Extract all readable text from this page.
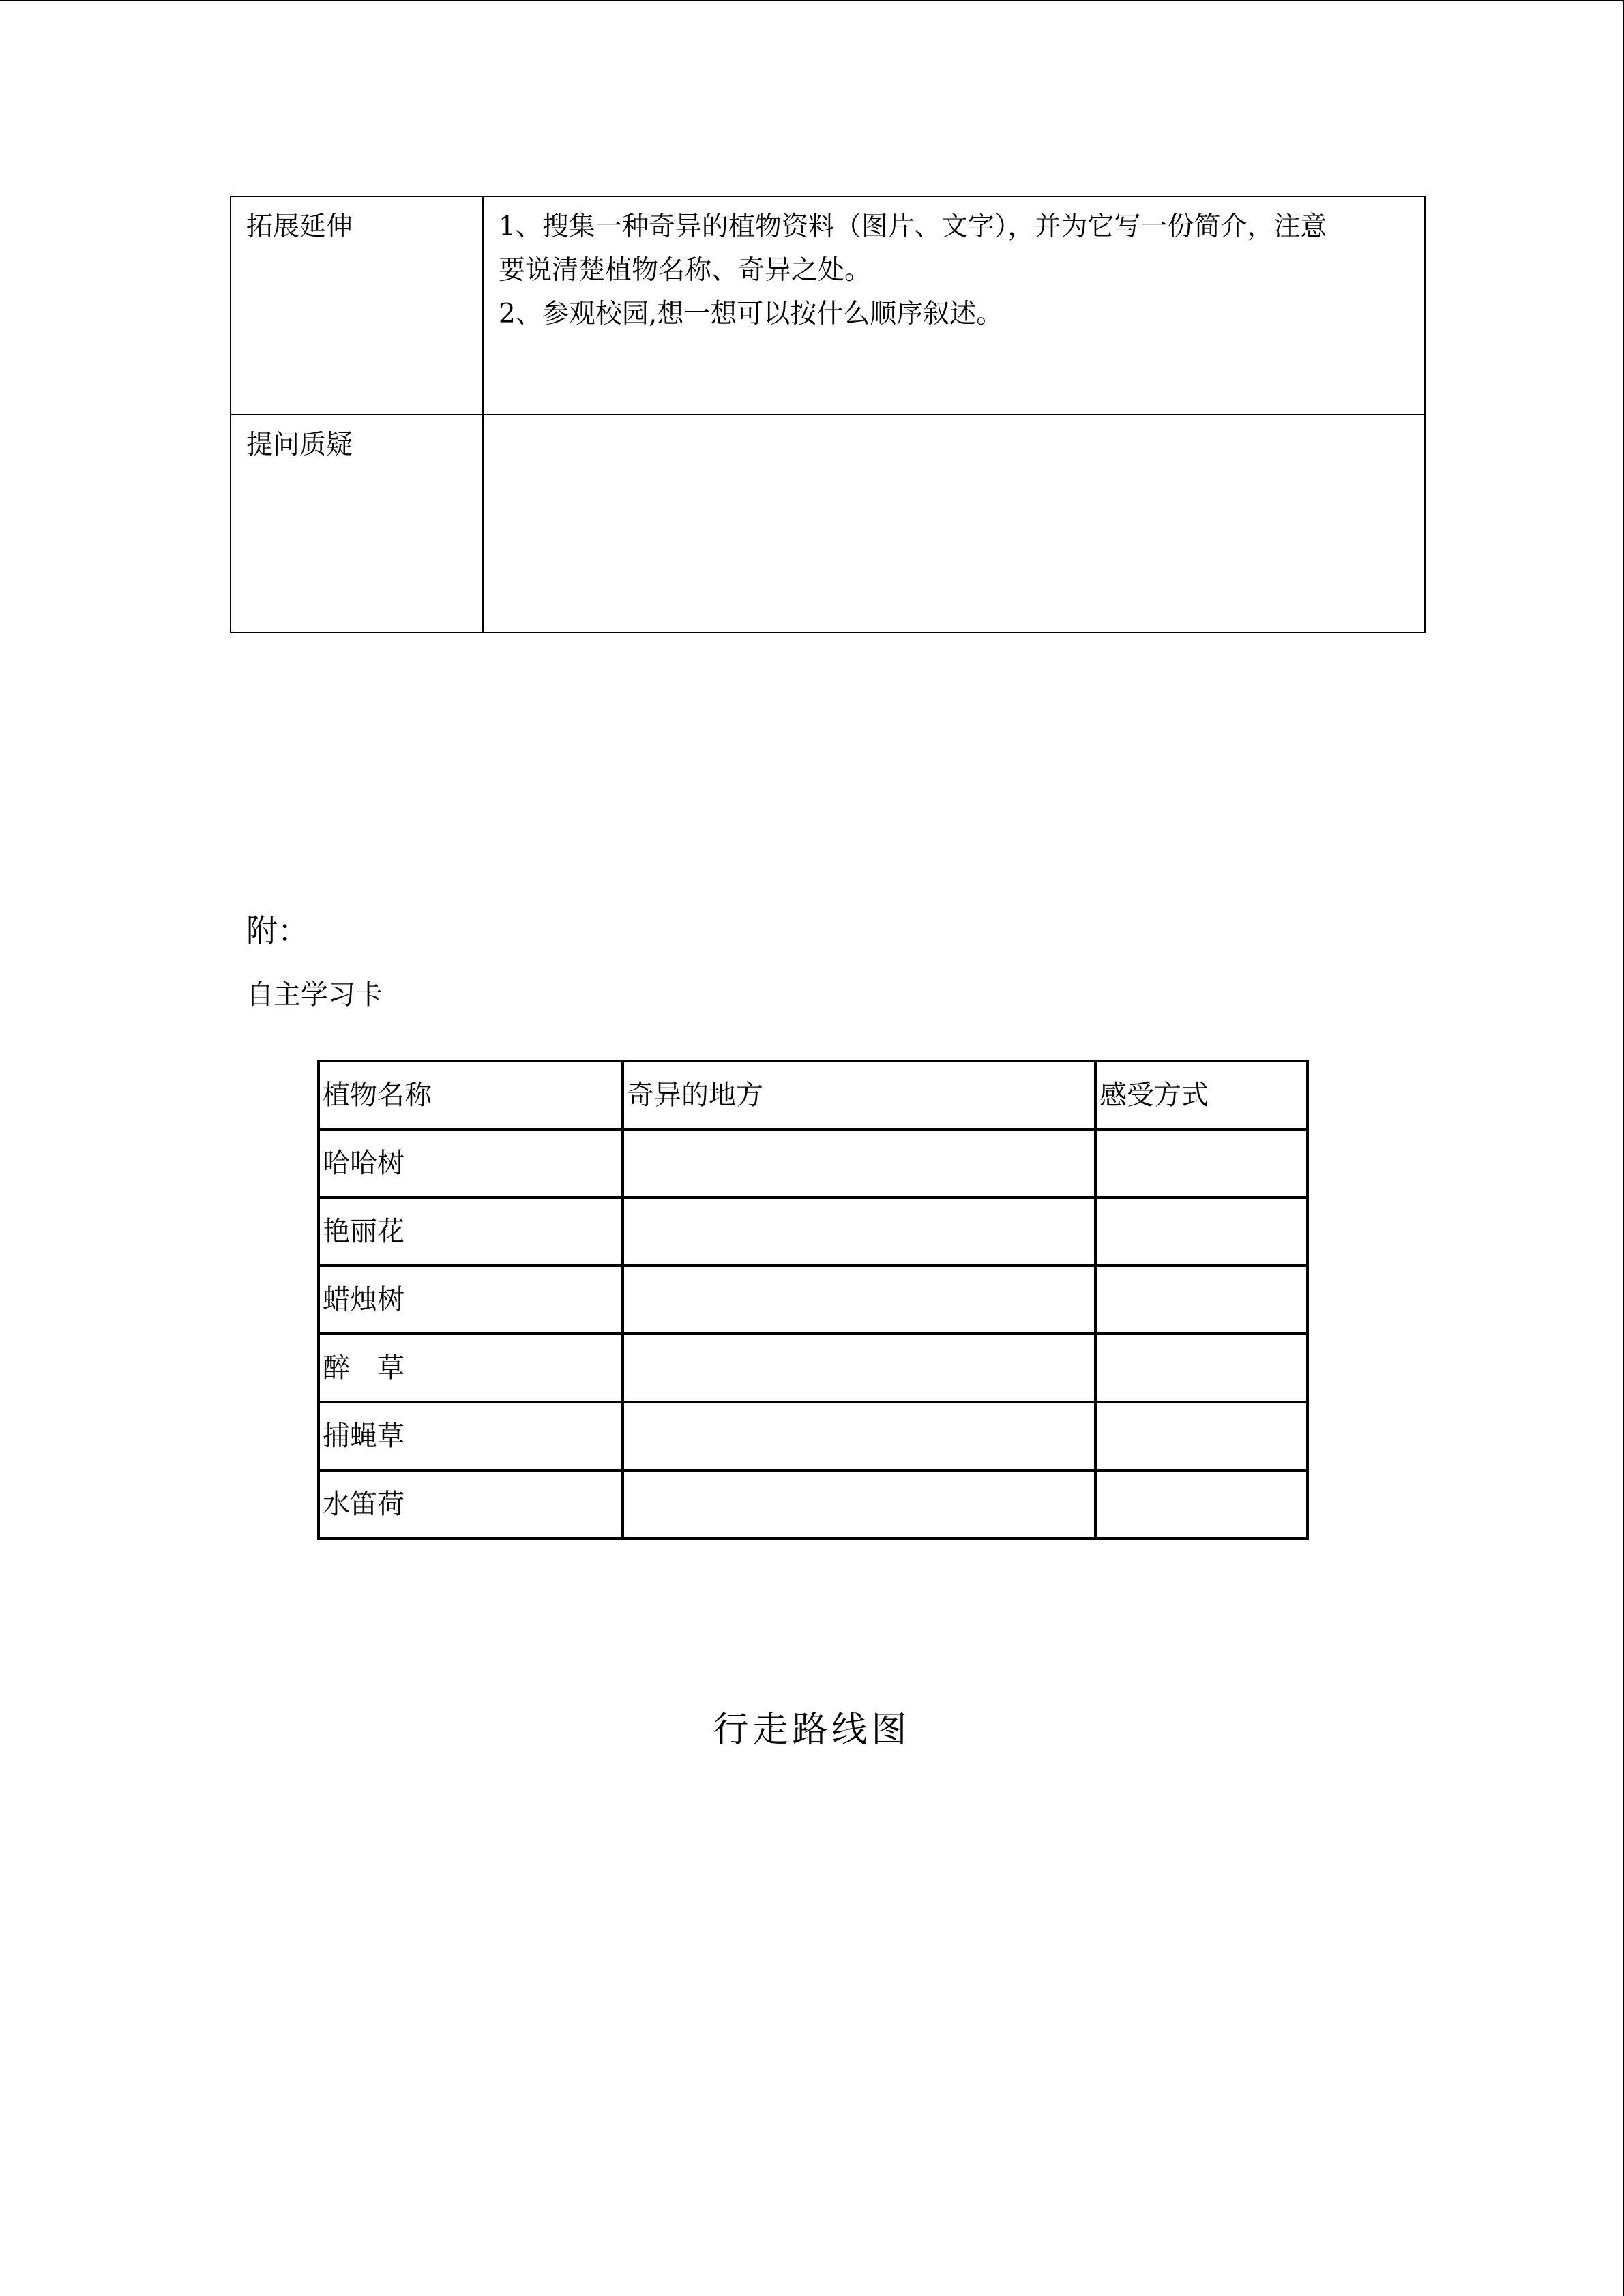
拓展延伸	1、搜集一种奇异的植物资料（图片、文字），并为它写一份简介，注意
要说清楚植物名称、奇异之处。
2、参观校园,想一想可以按什么顺序叙述。

提问质疑	
附：
自主学习卡
植物名称	奇异的地方	感受方式
哈哈树		
艳丽花		
蜡烛树		
醉　草		
捕蝇草		
水笛荷		
行走路线图
